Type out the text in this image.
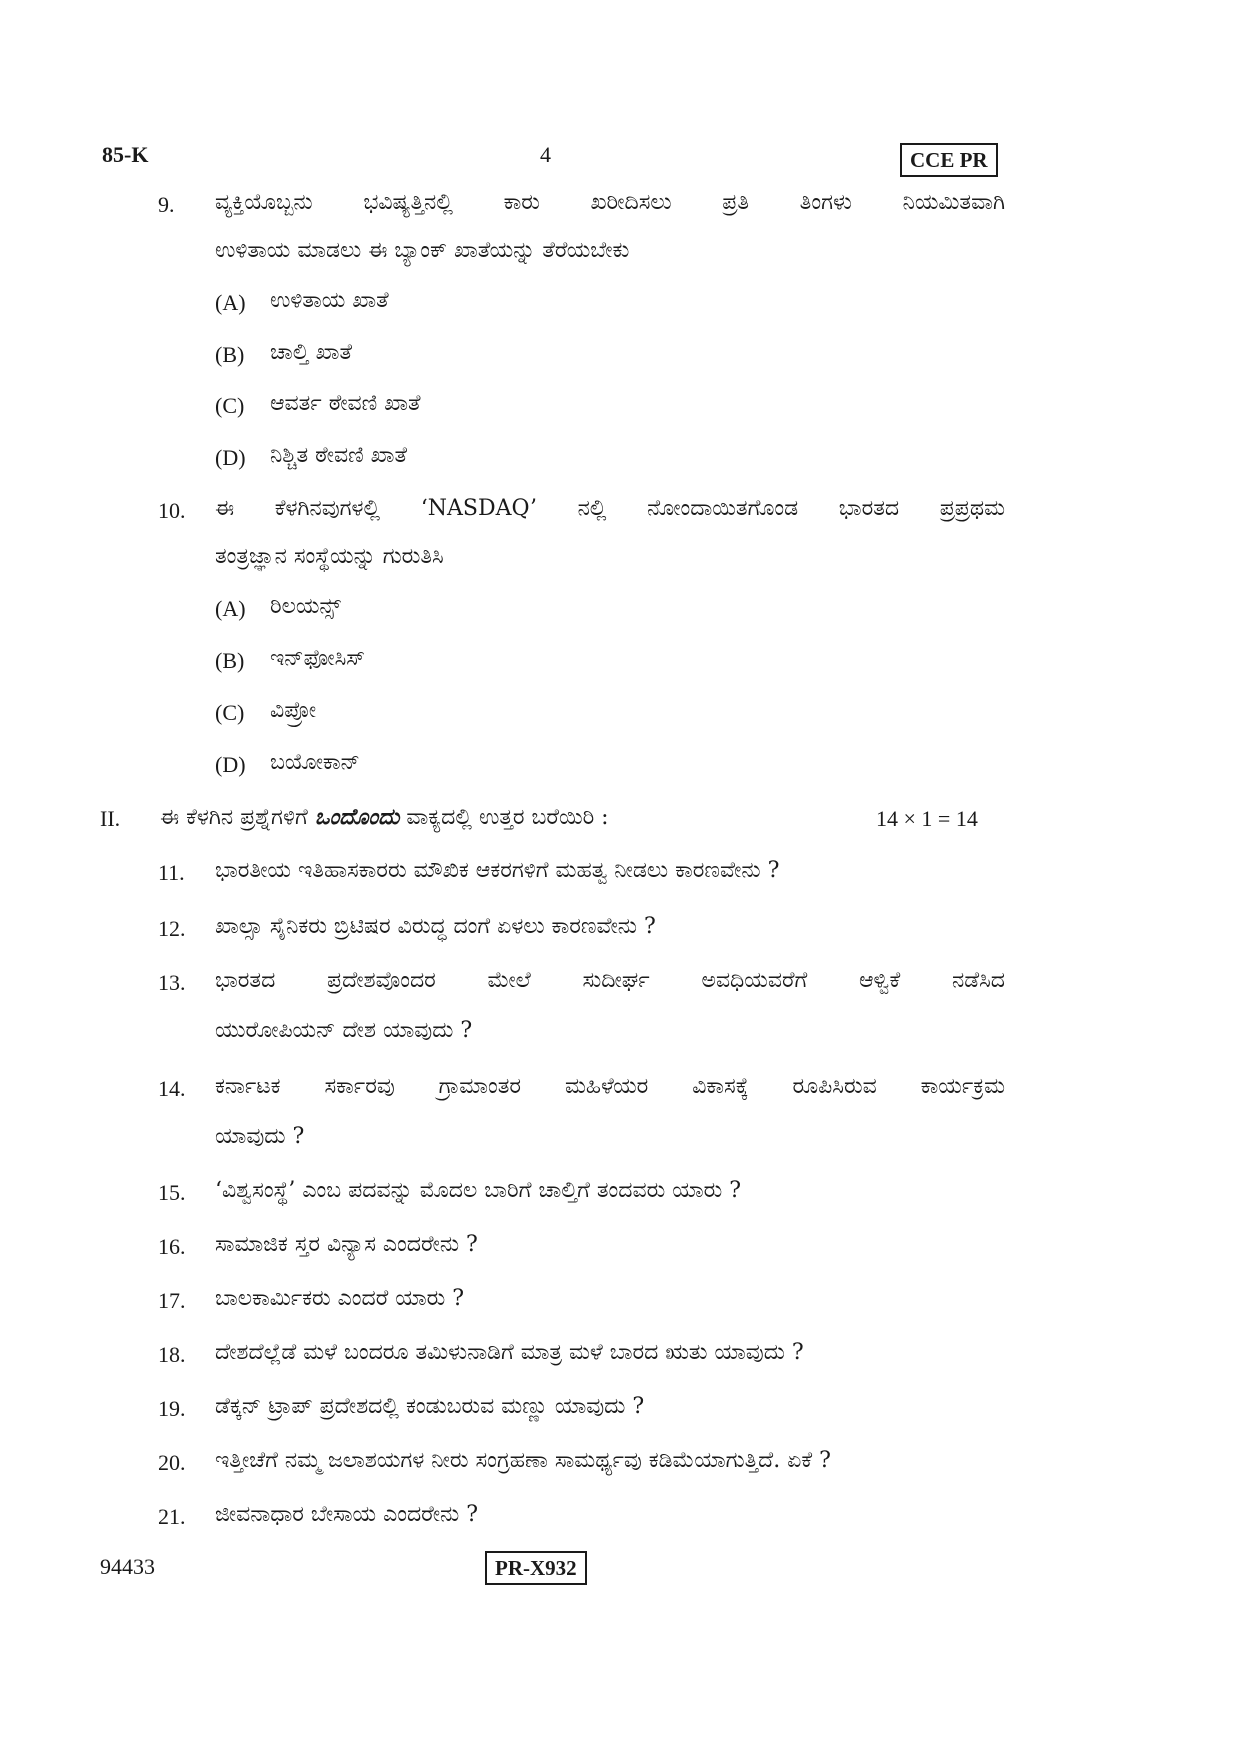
85-K	4	CCE PR
9. ವ್ಯಕ್ತಿಯೊಬ್ಬನು ಭವಿಷ್ಯತ್ತಿನಲ್ಲಿ ಕಾರು ಖರೀದಿಸಲು ಪ್ರತಿ ತಿಂಗಳು ನಿಯಮಿತವಾಗಿ
ಉಳಿತಾಯ ಮಾಡಲು ಈ ಬ್ಯಾಂಕ್ ಖಾತೆಯನ್ನು ತೆರೆಯಬೇಕು
(A) ಉಳಿತಾಯ ಖಾತೆ
(B) ಚಾಲ್ತಿ ಖಾತೆ
(C) ಆವರ್ತ ಠೇವಣಿ ಖಾತೆ
(D) ನಿಶ್ಚಿತ ಠೇವಣಿ ಖಾತೆ
10. ಈ ಕೆಳಗಿನವುಗಳಲ್ಲಿ ‘NASDAQ’ ನಲ್ಲಿ ನೋಂದಾಯಿತಗೊಂಡ ಭಾರತದ ಪ್ರಪ್ರಥಮ
ತಂತ್ರಜ್ಞಾನ ಸಂಸ್ಥೆಯನ್ನು ಗುರುತಿಸಿ
(A) ರಿಲಯನ್ಸ್
(B) ಇನ್‌ಫೋಸಿಸ್
(C) ವಿಪ್ರೋ
(D) ಬಯೋಕಾನ್
II. ಈ ಕೆಳಗಿನ ಪ್ರಶ್ನೆಗಳಿಗೆ ಒಂದೊಂದು ವಾಕ್ಯದಲ್ಲಿ ಉತ್ತರ ಬರೆಯಿರಿ :	14 × 1 = 14
11. ಭಾರತೀಯ ಇತಿಹಾಸಕಾರರು ಮೌಖಿಕ ಆಕರಗಳಿಗೆ ಮಹತ್ವ ನೀಡಲು ಕಾರಣವೇನು ?
12. ಖಾಲ್ಸಾ ಸೈನಿಕರು ಬ್ರಿಟಿಷರ ವಿರುದ್ಧ ದಂಗೆ ಏಳಲು ಕಾರಣವೇನು ?
13. ಭಾರತದ ಪ್ರದೇಶವೊಂದರ ಮೇಲೆ ಸುದೀರ್ಘ ಅವಧಿಯವರೆಗೆ ಆಳ್ವಿಕೆ ನಡೆಸಿದ
ಯುರೋಪಿಯನ್ ದೇಶ ಯಾವುದು ?
14. ಕರ್ನಾಟಕ ಸರ್ಕಾರವು ಗ್ರಾಮಾಂತರ ಮಹಿಳೆಯರ ವಿಕಾಸಕ್ಕೆ ರೂಪಿಸಿರುವ ಕಾರ್ಯಕ್ರಮ
ಯಾವುದು ?
15. ‘ವಿಶ್ವಸಂಸ್ಥೆ’ ಎಂಬ ಪದವನ್ನು ಮೊದಲ ಬಾರಿಗೆ ಚಾಲ್ತಿಗೆ ತಂದವರು ಯಾರು ?
16. ಸಾಮಾಜಿಕ ಸ್ತರ ವಿನ್ಯಾಸ ಎಂದರೇನು ?
17. ಬಾಲಕಾರ್ಮಿಕರು ಎಂದರೆ ಯಾರು ?
18. ದೇಶದೆಲ್ಲೆಡೆ ಮಳೆ ಬಂದರೂ ತಮಿಳುನಾಡಿಗೆ ಮಾತ್ರ ಮಳೆ ಬಾರದ ಋತು ಯಾವುದು ?
19. ಡೆಕ್ಕನ್ ಟ್ರಾಪ್ ಪ್ರದೇಶದಲ್ಲಿ ಕಂಡುಬರುವ ಮಣ್ಣು ಯಾವುದು ?
20. ಇತ್ತೀಚೆಗೆ ನಮ್ಮ ಜಲಾಶಯಗಳ ನೀರು ಸಂಗ್ರಹಣಾ ಸಾಮರ್ಥ್ಯವು ಕಡಿಮೆಯಾಗುತ್ತಿದೆ. ಏಕೆ ?
21. ಜೀವನಾಧಾರ ಬೇಸಾಯ ಎಂದರೇನು ?
94433	PR-X932
